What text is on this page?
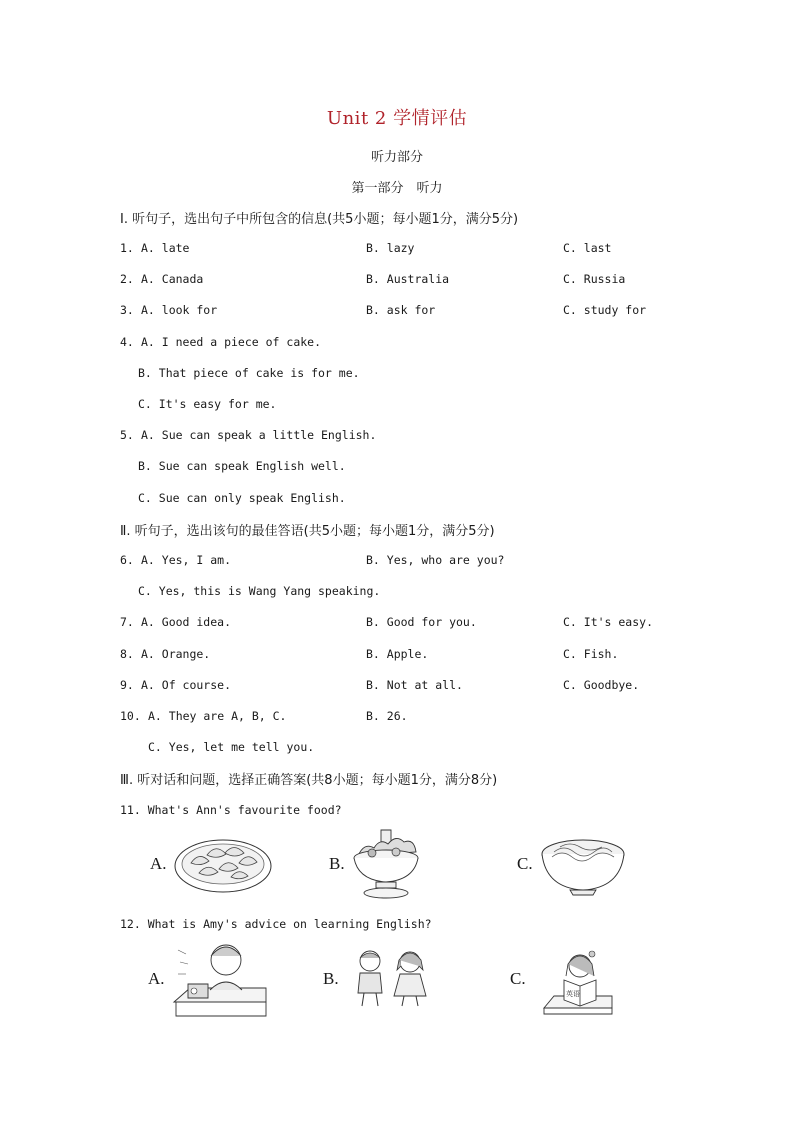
Unit 2 学情评估
听力部分
第一部分　听力
Ⅰ. 听句子，选出句子中所包含的信息(共5小题；每小题1分，满分5分)
1. A. late	B. lazy	C. last
2. A. Canada	B. Australia	C. Russia
3. A. look for	B. ask for	C. study for
4. A. I need a piece of cake.
B. That piece of cake is for me.
C. It's easy for me.
5. A. Sue can speak a little English.
B. Sue can speak English well.
C. Sue can only speak English.
Ⅱ. 听句子，选出该句的最佳答语(共5小题；每小题1分，满分5分)
6. A. Yes, I am.	B. Yes, who are you?
C. Yes, this is Wang Yang speaking.
7. A. Good idea.	B. Good for you.	C. It's easy.
8. A. Orange.	B. Apple.	C. Fish.
9. A. Of course.	B. Not at all.	C. Goodbye.
10. A. They are A, B, C.	B. 26.
C. Yes, let me tell you.
Ⅲ. 听对话和问题，选择正确答案(共8小题；每小题1分，满分8分)
11. What's Ann's favourite food?
A.	B.	C.
12. What is Amy's advice on learning English?
A.	B.	C.
英语
